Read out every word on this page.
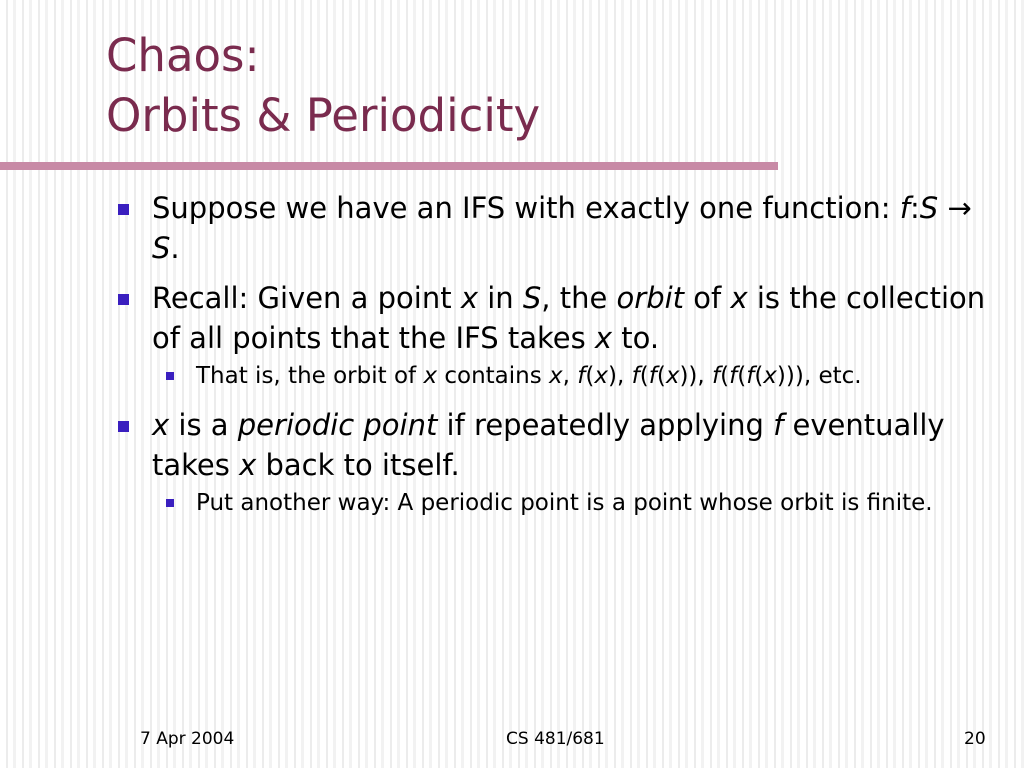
Chaos:
Orbits & Periodicity
Suppose we have an IFS with exactly one function: f:S → S.
Recall: Given a point x in S, the orbit of x is the collection of all points that the IFS takes x to.
That is, the orbit of x contains x, f(x), f(f(x)), f(f(f(x))), etc.
x is a periodic point if repeatedly applying f eventually takes x back to itself.
Put another way: A periodic point is a point whose orbit is finite.
7 Apr 2004	CS 481/681	20
